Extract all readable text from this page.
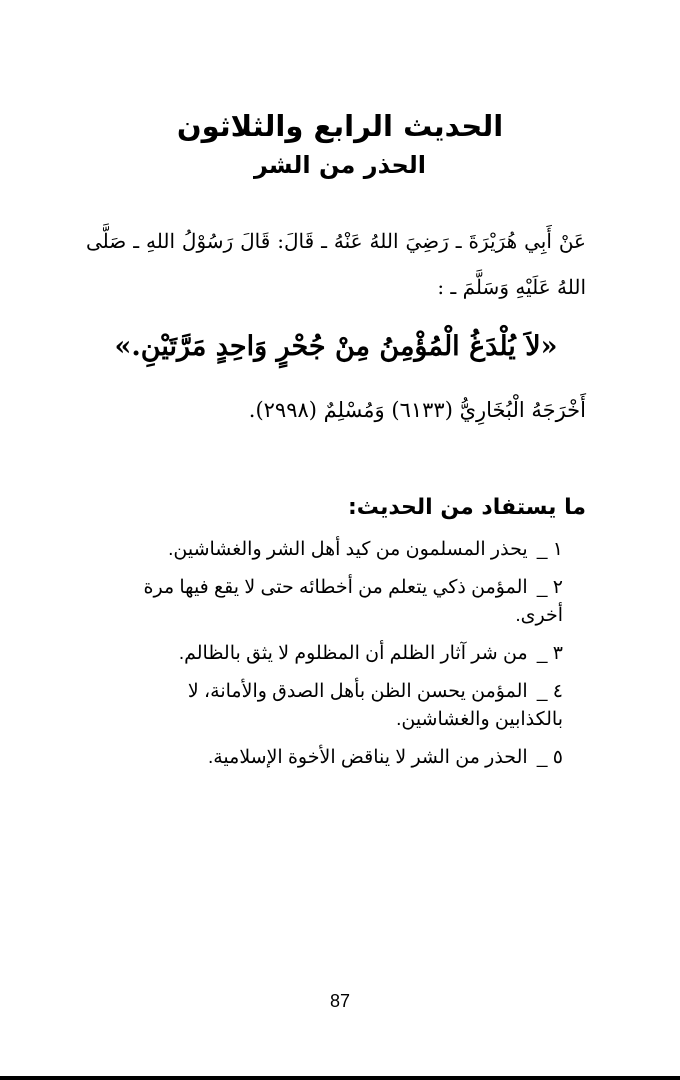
الحديث الرابع والثلاثون
الحذر من الشر
عَنْ أَبِي هُرَيْرَةَ ـ رَضِيَ اللهُ عَنْهُ ـ قَالَ: قَالَ رَسُوْلُ اللهِ ـ صَلَّى اللهُ عَلَيْهِ وَسَلَّمَ ـ :
«لاَ يُلْدَغُ الْمُؤْمِنُ مِنْ جُحْرٍ وَاحِدٍ مَرَّتَيْنِ.»
أَخْرَجَهُ الْبُخَارِيُّ (٦١٣٣) وَمُسْلِمٌ (٢٩٩٨).
ما يستفاد من الحديث:
١ _ يحذر المسلمون من كيد أهل الشر والغشاشين.
٢ _ المؤمن ذكي يتعلم من أخطائه حتى لا يقع فيها مرة أخرى.
٣ _ من شر آثار الظلم أن المظلوم لا يثق بالظالم.
٤ _ المؤمن يحسن الظن بأهل الصدق والأمانة، لا بالكذابين والغشاشين.
٥ _ الحذر من الشر لا يناقض الأخوة الإسلامية.
87
